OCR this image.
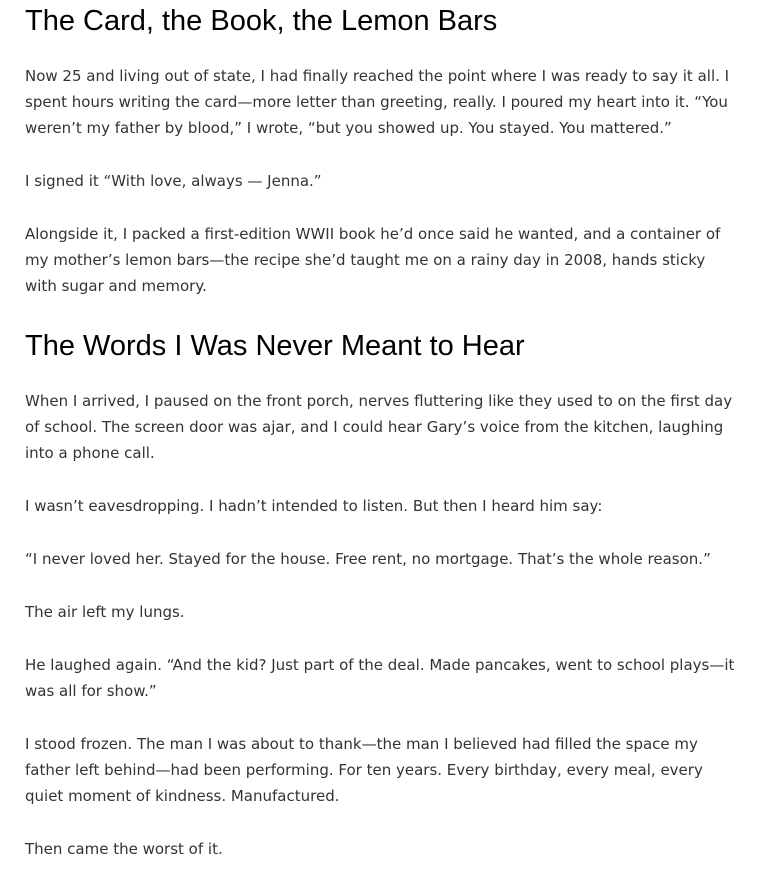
The Card, the Book, the Lemon Bars

Now 25 and living out of state, I had finally reached the point where I was ready to say it all. I spent hours writing the card—more letter than greeting, really. I poured my heart into it. “You weren’t my father by blood,” I wrote, “but you showed up. You stayed. You mattered.”

I signed it “With love, always — Jenna.”

Alongside it, I packed a first-edition WWII book he’d once said he wanted, and a container of my mother’s lemon bars—the recipe she’d taught me on a rainy day in 2008, hands sticky with sugar and memory.

The Words I Was Never Meant to Hear

When I arrived, I paused on the front porch, nerves fluttering like they used to on the first day of school. The screen door was ajar, and I could hear Gary’s voice from the kitchen, laughing into a phone call.

I wasn’t eavesdropping. I hadn’t intended to listen. But then I heard him say:

“I never loved her. Stayed for the house. Free rent, no mortgage. That’s the whole reason.”

The air left my lungs.

He laughed again. “And the kid? Just part of the deal. Made pancakes, went to school plays—it was all for show.”

I stood frozen. The man I was about to thank—the man I believed had filled the space my father left behind—had been performing. For ten years. Every birthday, every meal, every quiet moment of kindness. Manufactured.

Then came the worst of it.
